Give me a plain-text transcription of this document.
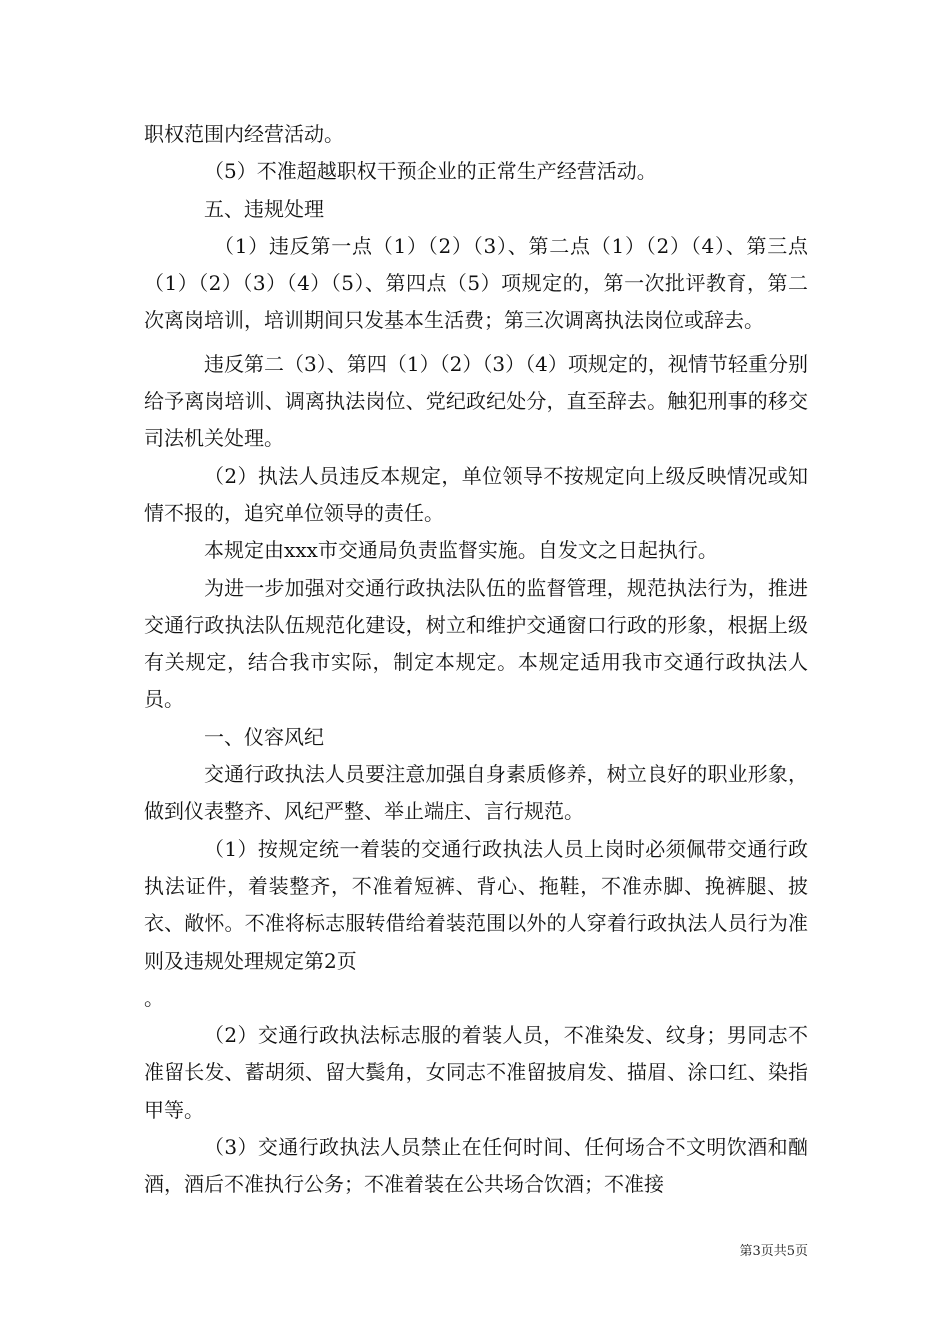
职权范围内经营活动。

（5）不准超越职权干预企业的正常生产经营活动。

五、违规处理

（1）违反第一点（1）（2）（3）、第二点（1）（2）（4）、第三点（1）（2）（3）（4）（5）、第四点（5）项规定的，第一次批评教育，第二次离岗培训，培训期间只发基本生活费；第三次调离执法岗位或辞去。

违反第二（3）、第四（1）（2）（3）（4）项规定的，视情节轻重分别给予离岗培训、调离执法岗位、党纪政纪处分，直至辞去。触犯刑事的移交司法机关处理。

（2）执法人员违反本规定，单位领导不按规定向上级反映情况或知情不报的，追究单位领导的责任。

本规定由xxx市交通局负责监督实施。自发文之日起执行。

为进一步加强对交通行政执法队伍的监督管理，规范执法行为，推进交通行政执法队伍规范化建设，树立和维护交通窗口行政的形象，根据上级有关规定，结合我市实际，制定本规定。本规定适用我市交通行政执法人员。

一、仪容风纪

交通行政执法人员要注意加强自身素质修养，树立良好的职业形象，做到仪表整齐、风纪严整、举止端庄、言行规范。

（1）按规定统一着装的交通行政执法人员上岗时必须佩带交通行政执法证件，着装整齐，不准着短裤、背心、拖鞋，不准赤脚、挽裤腿、披衣、敞怀。不准将标志服转借给着装范围以外的人穿着行政执法人员行为准则及违规处理规定第2页

。

（2）交通行政执法标志服的着装人员，不准染发、纹身；男同志不准留长发、蓄胡须、留大鬓角，女同志不准留披肩发、描眉、涂口红、染指甲等。

（3）交通行政执法人员禁止在任何时间、任何场合不文明饮酒和酗酒，酒后不准执行公务；不准着装在公共场合饮酒；不准接

第3页共5页
